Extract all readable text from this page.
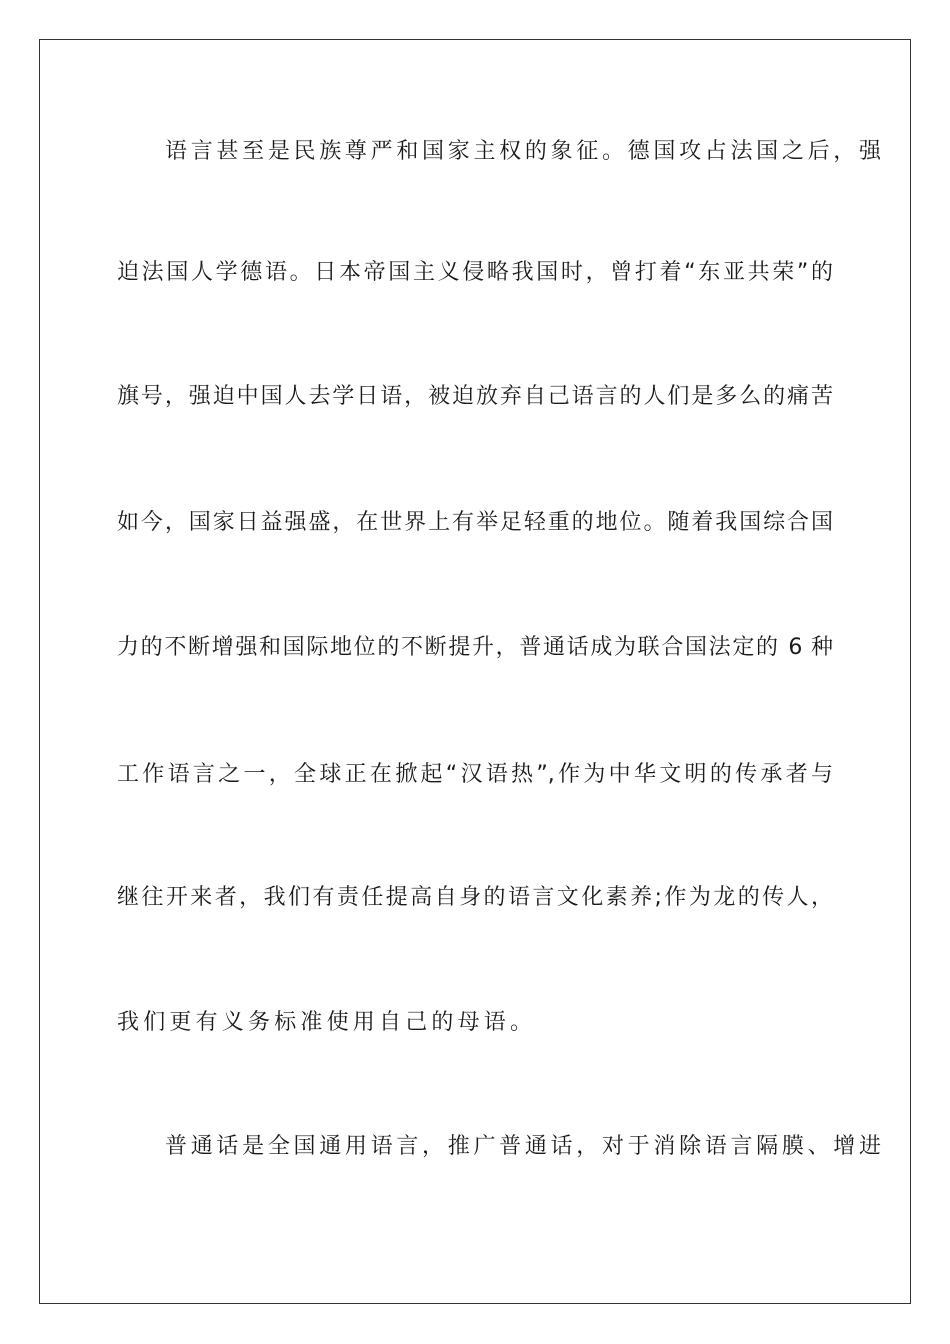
语言甚至是民族尊严和国家主权的象征。德国攻占法国之后，强
迫法国人学德语。日本帝国主义侵略我国时，曾打着“东亚共荣”的
旗号，强迫中国人去学日语，被迫放弃自己语言的人们是多么的痛苦
如今，国家日益强盛，在世界上有举足轻重的地位。随着我国综合国
力的不断增强和国际地位的不断提升，普通话成为联合国法定的 6 种
工作语言之一，全球正在掀起“汉语热”,作为中华文明的传承者与
继往开来者，我们有责任提高自身的语言文化素养;作为龙的传人，
我们更有义务标准使用自己的母语。
普通话是全国通用语言，推广普通话，对于消除语言隔膜、增进
